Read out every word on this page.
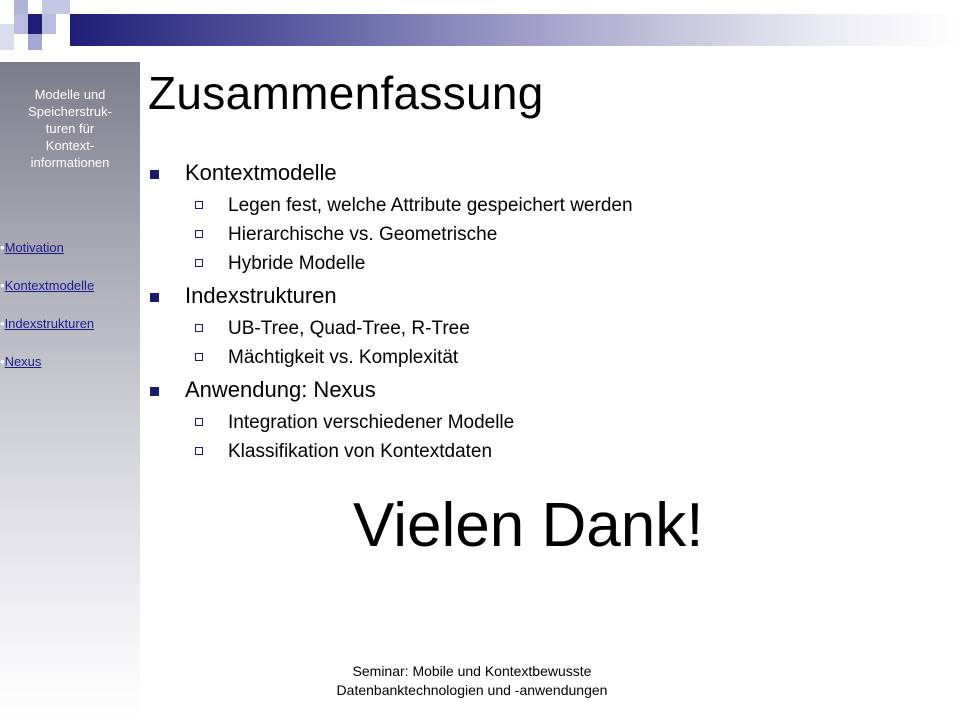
Modelle und
Speicherstruk-
turen für
Kontext-
informationen
•Motivation
•Kontextmodelle
•Indexstrukturen
•Nexus
Zusammenfassung
Kontextmodelle
Legen fest, welche Attribute gespeichert werden
Hierarchische vs. Geometrische
Hybride Modelle
Indexstrukturen
UB-Tree, Quad-Tree, R-Tree
Mächtigkeit vs. Komplexität
Anwendung: Nexus
Integration verschiedener Modelle
Klassifikation von Kontextdaten
Vielen Dank!
Seminar: Mobile und Kontextbewusste
Datenbanktechnologien und -anwendungen
